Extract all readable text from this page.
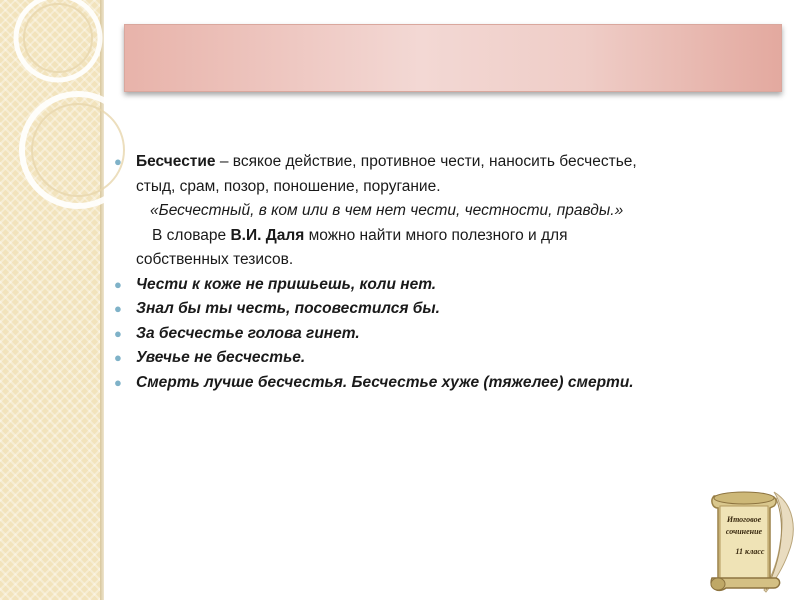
● Бесчестие – всякое действие, противное чести, наносить бесчестье,
стыд, срам, позор, поношение, поругание.
«Бесчестный, в ком или в чем нет чести, честности, правды.»
В словаре В.И. Даля можно найти много полезного и для
собственных тезисов.
● Чести к коже не пришьешь, коли нет.
● Знал бы ты честь, посовестился бы.
● За бесчестье голова гинет.
● Увечье не бесчестье.
● Смерть лучше бесчестья. Бесчестье хуже (тяжелее) смерти.
Итоговое
сочинение
11 класс
